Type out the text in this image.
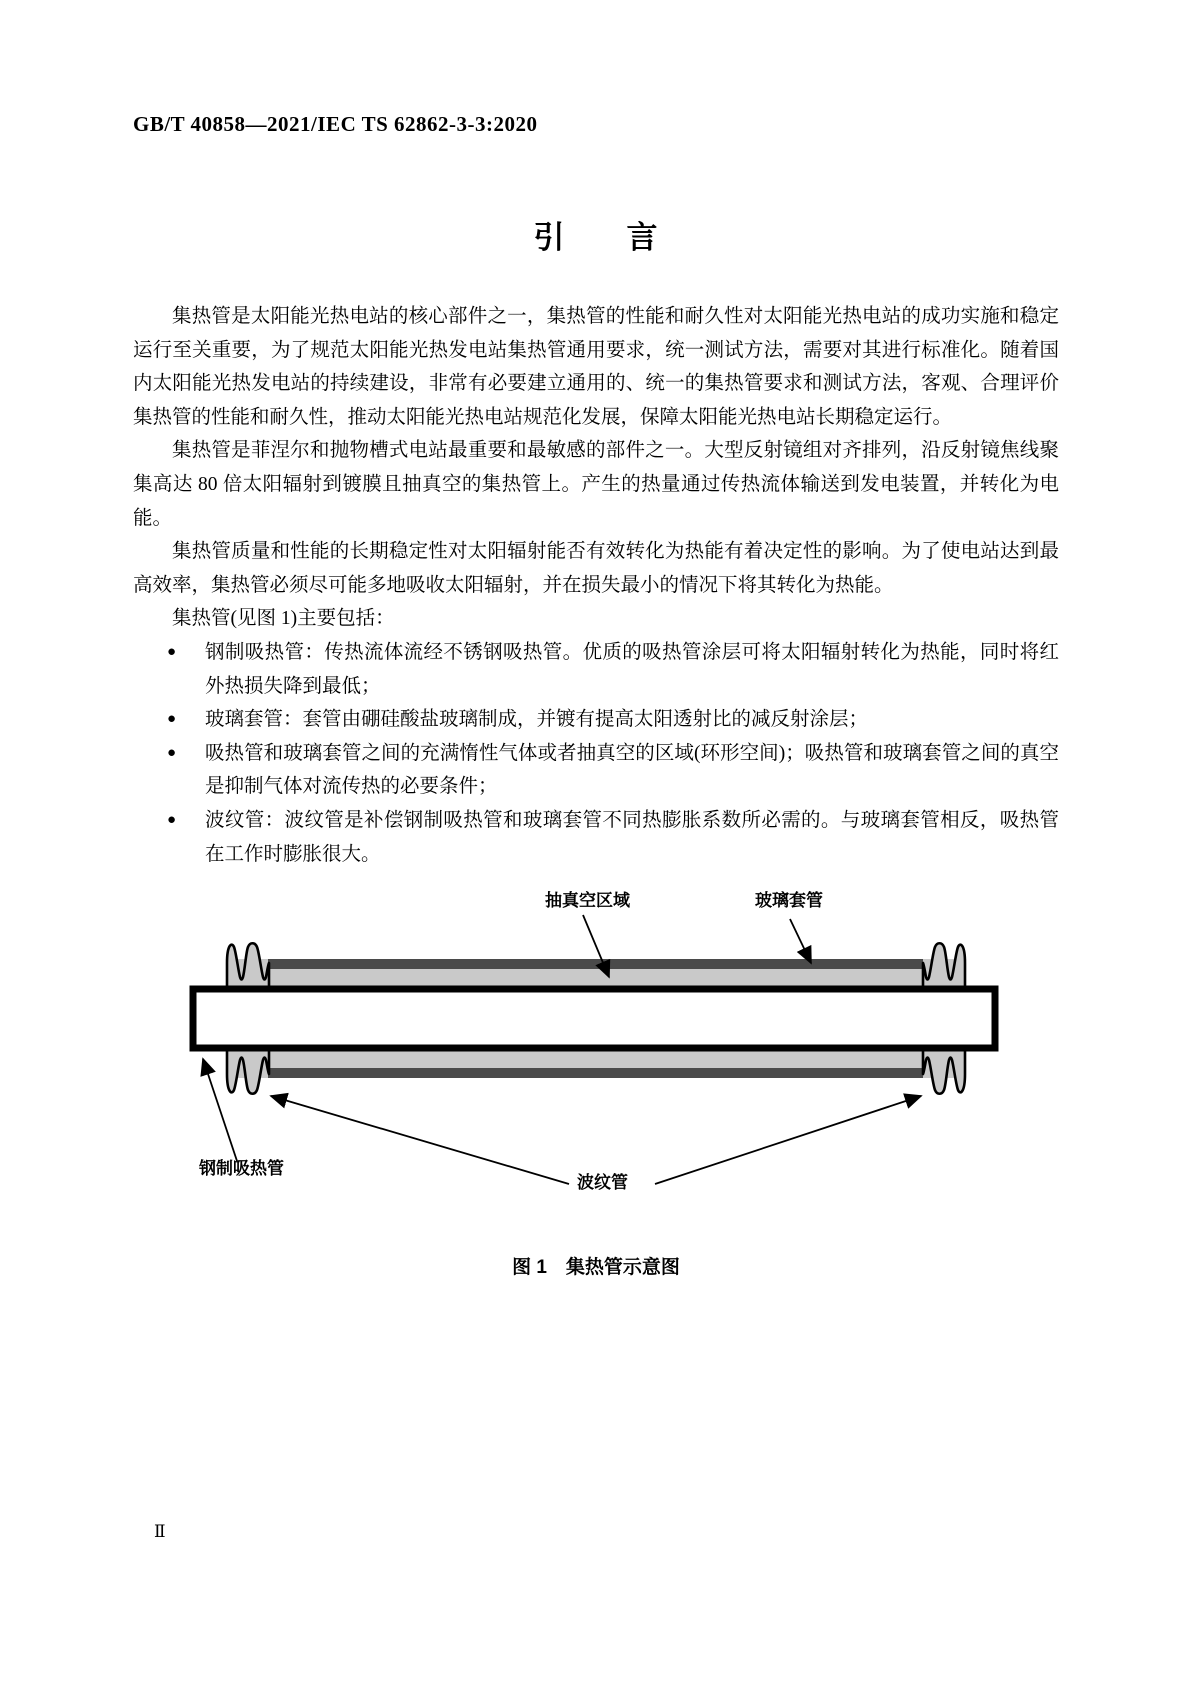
GB/T 40858—2021/IEC TS 62862-3-3:2020
引　　言

集热管是太阳能光热电站的核心部件之一，集热管的性能和耐久性对太阳能光热电站的成功实施和稳定运行至关重要，为了规范太阳能光热发电站集热管通用要求，统一测试方法，需要对其进行标准化。随着国内太阳能光热发电站的持续建设，非常有必要建立通用的、统一的集热管要求和测试方法，客观、合理评价集热管的性能和耐久性，推动太阳能光热电站规范化发展，保障太阳能光热电站长期稳定运行。

集热管是菲涅尔和抛物槽式电站最重要和最敏感的部件之一。大型反射镜组对齐排列，沿反射镜焦线聚集高达 80 倍太阳辐射到镀膜且抽真空的集热管上。产生的热量通过传热流体输送到发电装置，并转化为电能。

集热管质量和性能的长期稳定性对太阳辐射能否有效转化为热能有着决定性的影响。为了使电站达到最高效率，集热管必须尽可能多地吸收太阳辐射，并在损失最小的情况下将其转化为热能。

集热管(见图 1)主要包括：

● 钢制吸热管：传热流体流经不锈钢吸热管。优质的吸热管涂层可将太阳辐射转化为热能，同时将红外热损失降到最低；
● 玻璃套管：套管由硼硅酸盐玻璃制成，并镀有提高太阳透射比的减反射涂层；
● 吸热管和玻璃套管之间的充满惰性气体或者抽真空的区域(环形空间)；吸热管和玻璃套管之间的真空是抑制气体对流传热的必要条件；
● 波纹管：波纹管是补偿钢制吸热管和玻璃套管不同热膨胀系数所必需的。与玻璃套管相反，吸热管在工作时膨胀很大。
抽真空区域	玻璃套管
钢制吸热管
波纹管

图 1　集热管示意图

Ⅱ
